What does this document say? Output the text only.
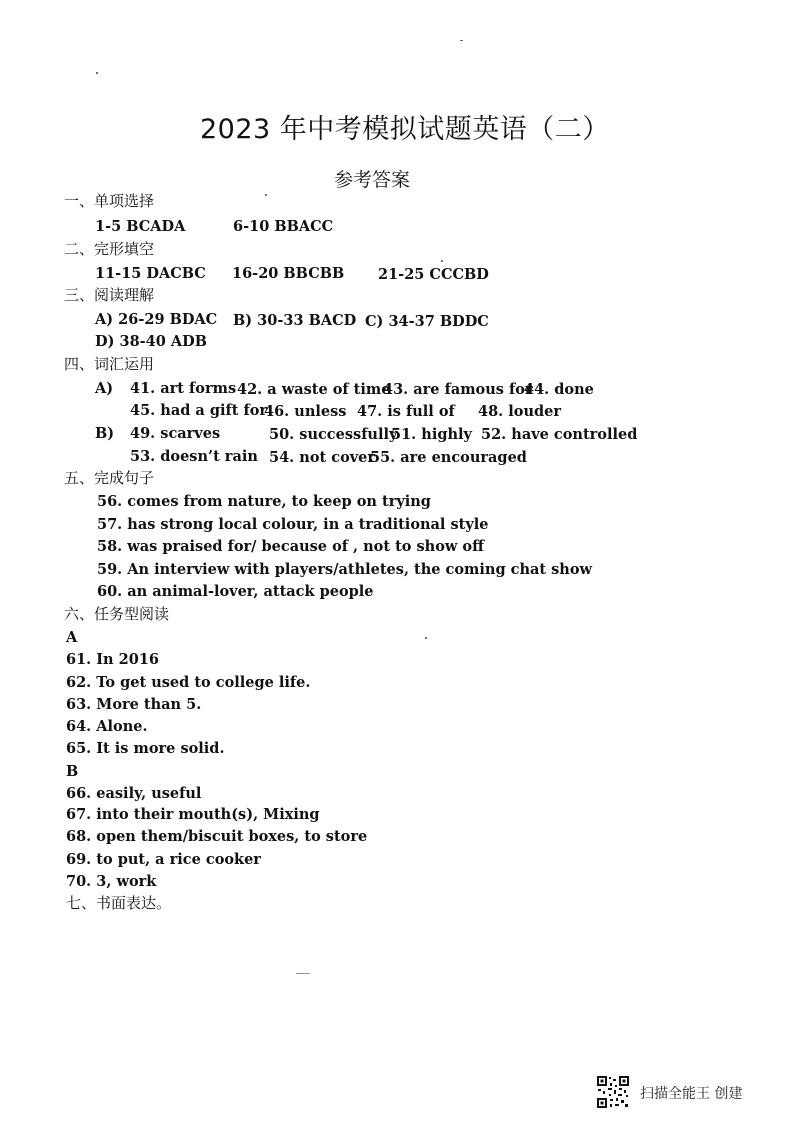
2023 年中考模拟试题英语（二）
参考答案
一、单项选择
1-5 BCADA	6-10 BBACC
二、完形填空
11-15 DACBC 16-20 BBCBB 21-25 CCCBD
三、阅读理解
A) 26-29 BDAC B) 30-33 BACD C) 34-37 BDDC
D) 38-40 ADB
四、词汇运用
A) 41. art forms 42. a waste of time
43. are famous for
44. done
45. had a gift for
46. unless 47. is full of 48. louder
B) 49. scarves	50. successfully
51. highly 52. have controlled
53. doesn’t rain 54. not cover
55. are encouraged
五、完成句子
56. comes from nature, to keep on trying
57. has strong local colour, in a traditional style
58. was praised for/ because of , not to show off
59. An interview with players/athletes, the coming chat show
60. an animal-lover, attack people
六、任务型阅读
A
61. In 2016
62. To get used to college life.
63. More than 5.
64. Alone.
65. It is more solid.
B
66. easily, useful
67. into their mouth(s), Mixing
68. open them/biscuit boxes, to store
69. to put, a rice cooker
70. 3, work
七、书面表达。
扫描全能王 创建
